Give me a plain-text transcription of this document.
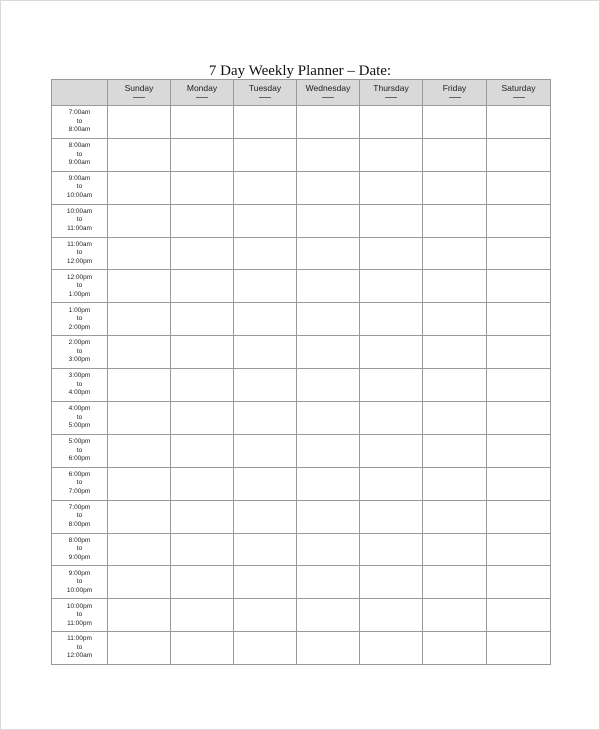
7 Day Weekly Planner – Date:
	Sunday	Monday	Tuesday	Wednesday	Thursday	Friday	Saturday

7:00am
to
8:00am							

8:00am
to
9:00am							

9:00am
to
10:00am							

10:00am
to
11:00am							

11:00am
to
12:00pm							

12:00pm
to
1:00pm							

1:00pm
to
2:00pm							

2:00pm
to
3:00pm							

3:00pm
to
4:00pm							

4:00pm
to
5:00pm							

5:00pm
to
6:00pm							

6:00pm
to
7:00pm							

7:00pm
to
8:00pm							

8:00pm
to
9:00pm							

9:00pm
to
10:00pm							

10:00pm
to
11:00pm							

11:00pm
to
12:00am							
